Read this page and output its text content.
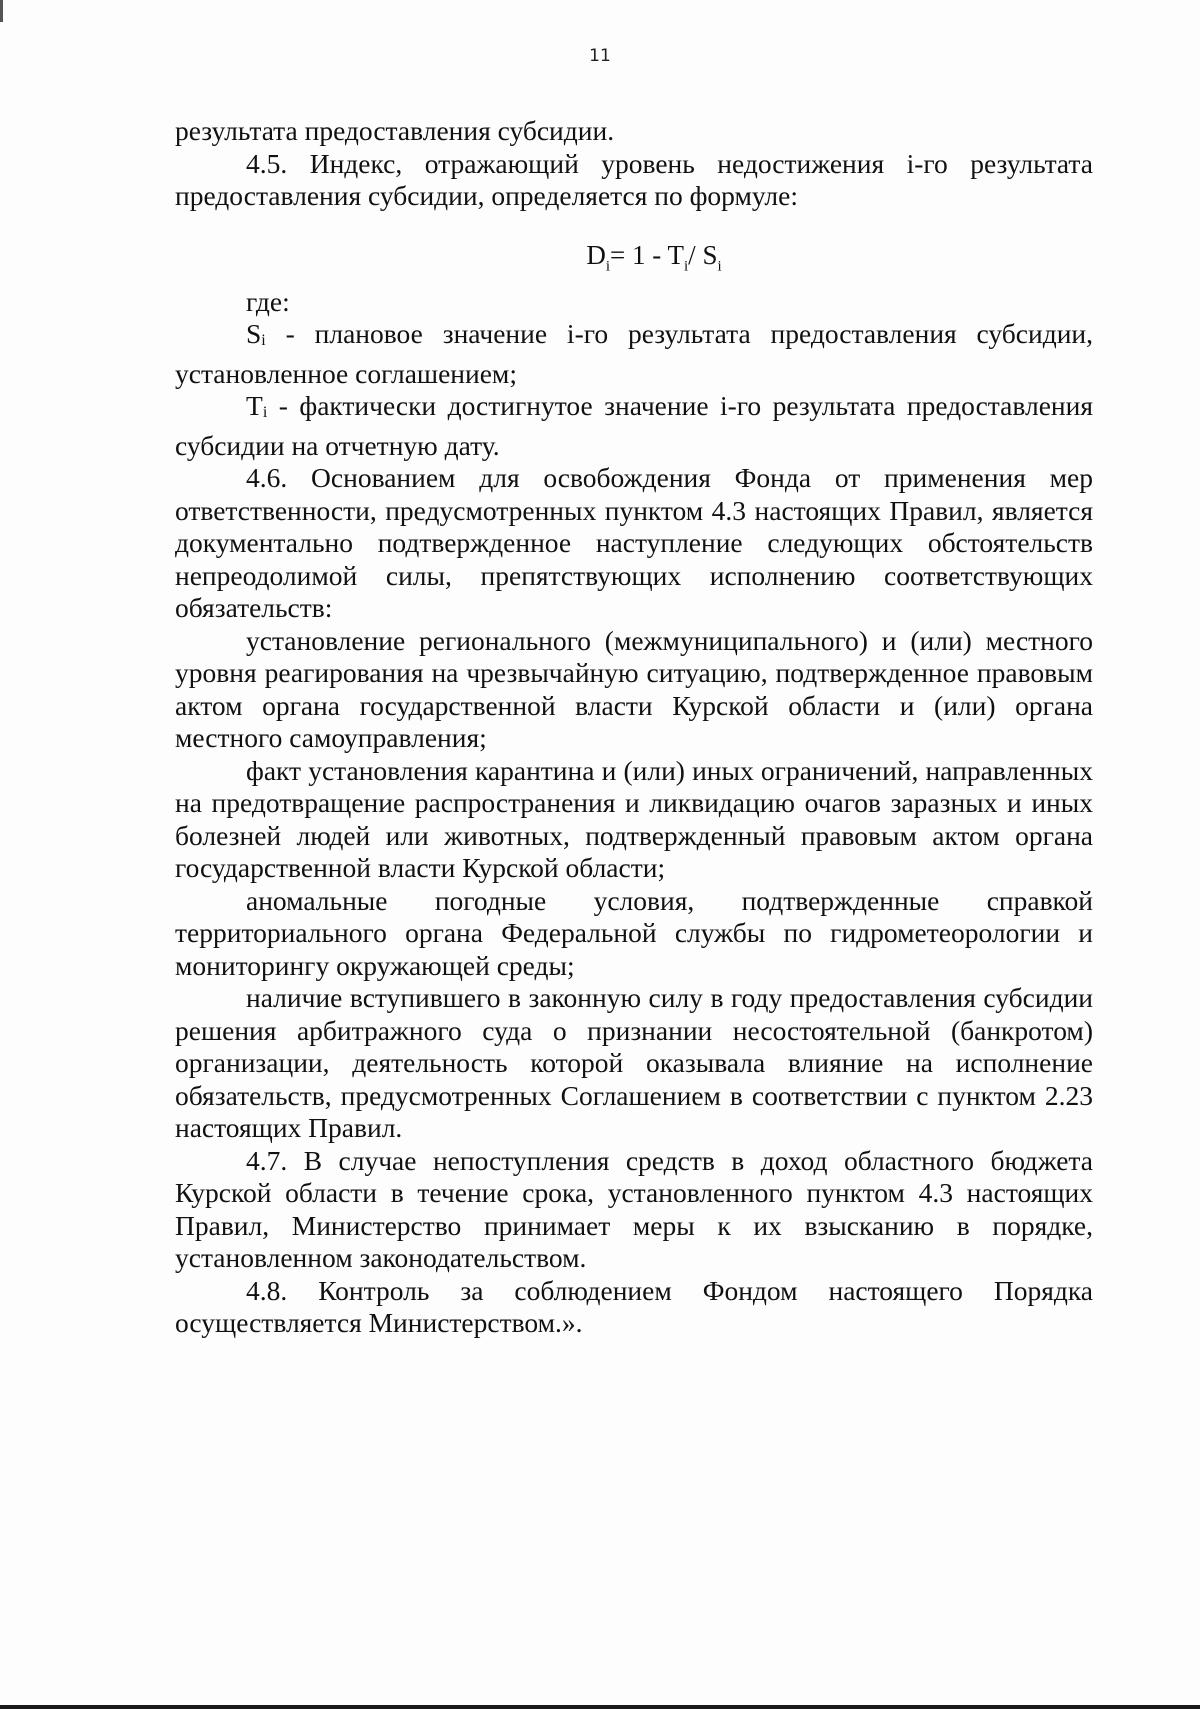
11

результата предоставления субсидии.

4.5. Индекс, отражающий уровень недостижения i-го результата предоставления субсидии, определяется по формуле:

$D_i= 1 - T_i/$ $S_i$

где:

Si - плановое значение i-го результата предоставления субсидии, установленное соглашением;

Ti - фактически достигнутое значение i-го результата предоставления субсидии на отчетную дату.

4.6. Основанием для освобождения Фонда от применения мер ответственности, предусмотренных пунктом 4.3 настоящих Правил, является документально подтвержденное наступление следующих обстоятельств непреодолимой силы, препятствующих исполнению соответствующих обязательств:

установление регионального (межмуниципального) и (или) местного уровня реагирования на чрезвычайную ситуацию, подтвержденное правовым актом органа государственной власти Курской области и (или) органа местного самоуправления;

факт установления карантина и (или) иных ограничений, направленных на предотвращение распространения и ликвидацию очагов заразных и иных болезней людей или животных, подтвержденный правовым актом органа государственной власти Курской области;

аномальные погодные условия, подтвержденные справкой территориального органа Федеральной службы по гидрометеорологии и мониторингу окружающей среды;

наличие вступившего в законную силу в году предоставления субсидии решения арбитражного суда о признании несостоятельной (банкротом) организации, деятельность которой оказывала влияние на исполнение обязательств, предусмотренных Соглашением в соответствии с пунктом 2.23 настоящих Правил.

4.7. В случае непоступления средств в доход областного бюджета Курской области в течение срока, установленного пунктом 4.3 настоящих Правил, Министерство принимает меры к их взысканию в порядке, установленном законодательством.

4.8. Контроль за соблюдением Фондом настоящего Порядка осуществляется Министерством.».
